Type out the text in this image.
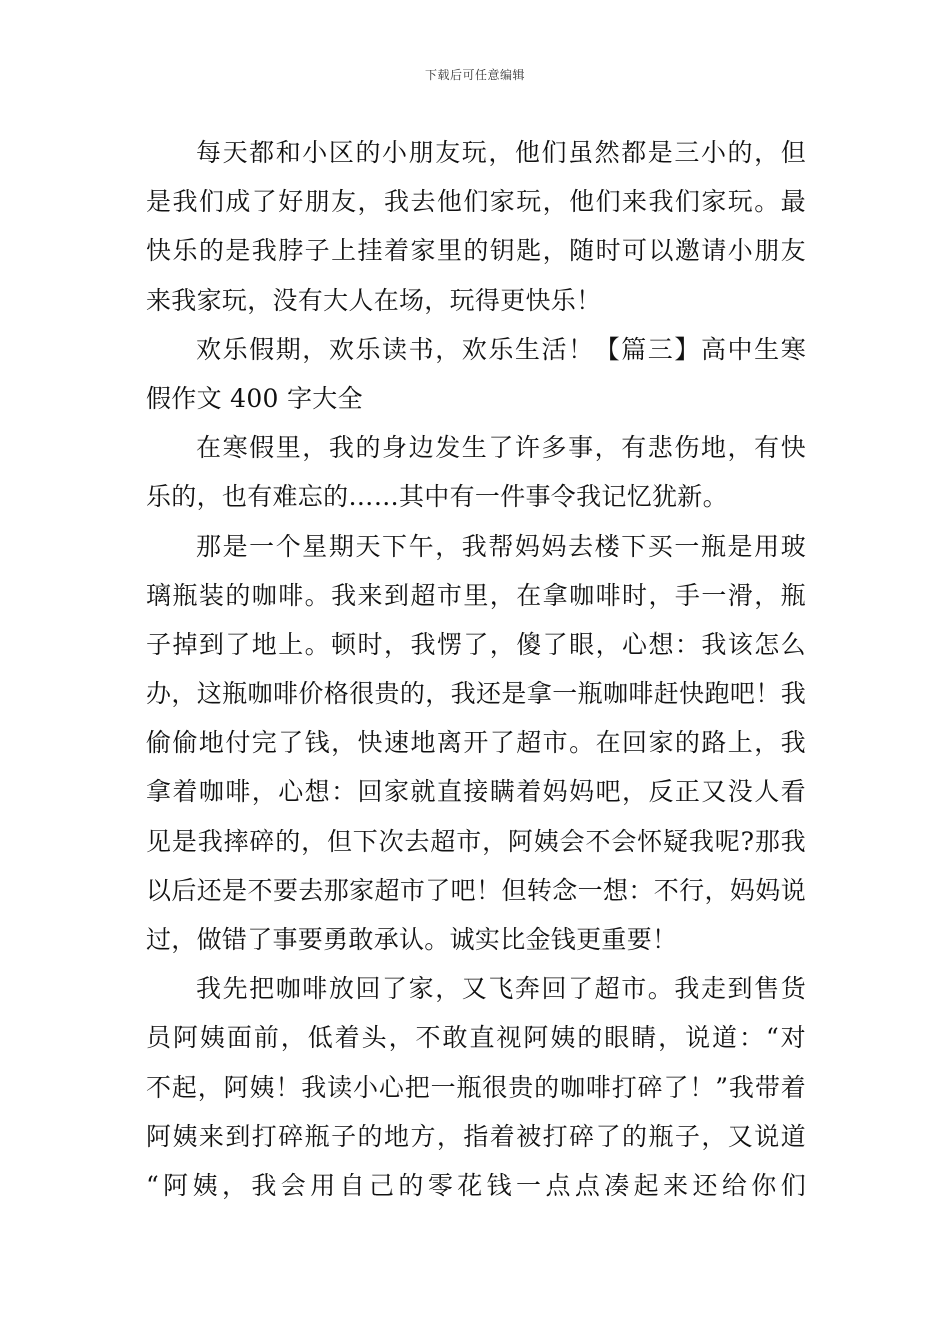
下载后可任意编辑
每天都和小区的小朋友玩，他们虽然都是三小的，但
是我们成了好朋友，我去他们家玩，他们来我们家玩。最
快乐的是我脖子上挂着家里的钥匙，随时可以邀请小朋友
来我家玩，没有大人在场，玩得更快乐！
欢乐假期，欢乐读书，欢乐生活！【篇三】高中生寒
假作文 400 字大全
在寒假里，我的身边发生了许多事，有悲伤地，有快
乐的，也有难忘的……其中有一件事令我记忆犹新。
那是一个星期天下午，我帮妈妈去楼下买一瓶是用玻
璃瓶装的咖啡。我来到超市里，在拿咖啡时，手一滑，瓶
子掉到了地上。顿时，我愣了，傻了眼，心想：我该怎么
办，这瓶咖啡价格很贵的，我还是拿一瓶咖啡赶快跑吧！我
偷偷地付完了钱，快速地离开了超市。在回家的路上，我
拿着咖啡，心想：回家就直接瞒着妈妈吧，反正又没人看
见是我摔碎的，但下次去超市，阿姨会不会怀疑我呢?那我
以后还是不要去那家超市了吧！但转念一想：不行，妈妈说
过，做错了事要勇敢承认。诚实比金钱更重要！
我先把咖啡放回了家，又飞奔回了超市。我走到售货
员阿姨面前，低着头，不敢直视阿姨的眼睛，说道：“对
不起，阿姨！我读小心把一瓶很贵的咖啡打碎了！”我带着
阿姨来到打碎瓶子的地方，指着被打碎了的瓶子，又说道
“阿姨，我会用自己的零花钱一点点凑起来还给你们
